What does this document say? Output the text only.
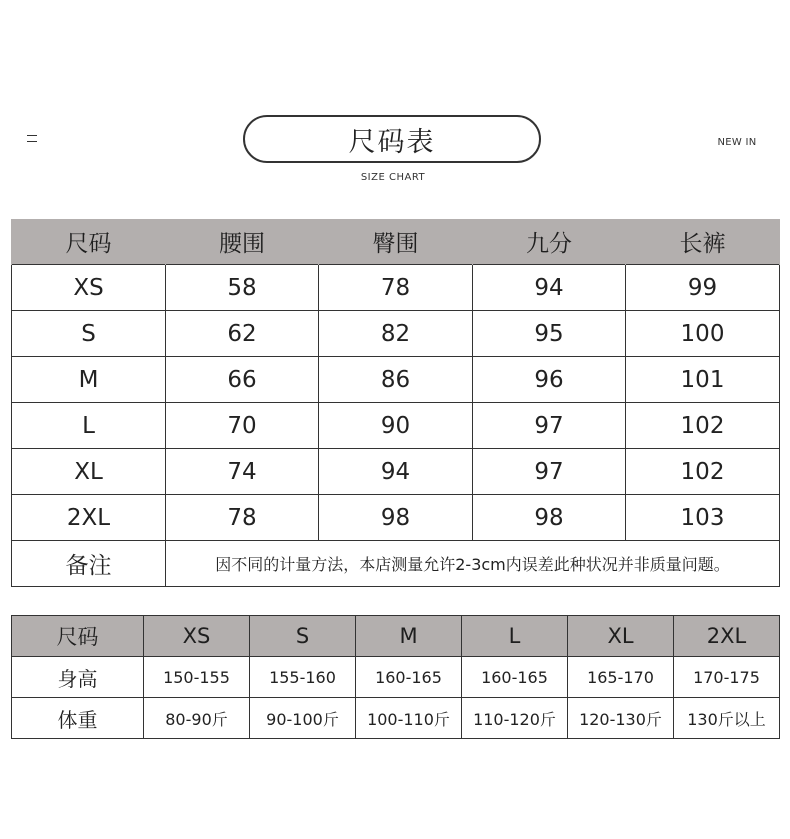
尺码表
SIZE CHART
NEW IN
尺码	腰围	臀围	九分	长裤
XS	58	78	94	99
S	62	82	95	100
M	66	86	96	101
L	70	90	97	102
XL	74	94	97	102
2XL	78	98	98	103
备注	因不同的计量方法，本店测量允许2-3cm内误差此种状况并非质量问题。			
尺码	XS	S	M	L	XL	2XL
身高	150-155	155-160	160-165	160-165	165-170	170-175
体重	80-90斤	90-100斤	100-110斤	110-120斤	120-130斤	130斤以上
